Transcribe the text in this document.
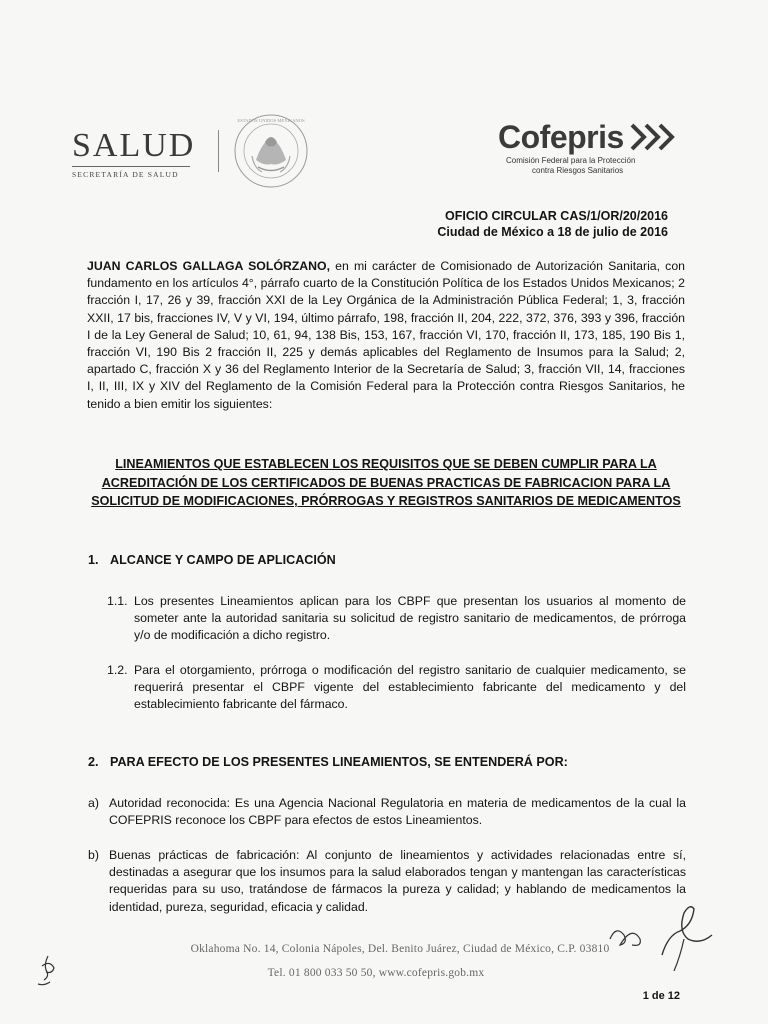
SALUD
SECRETARÍA DE SALUD
ESTADOS UNIDOS MEXICANOS	Cofepris
Comisión Federal para la Protección
contra Riesgos Sanitarios
OFICIO CIRCULAR CAS/1/OR/20/2016
Ciudad de México a 18 de julio de 2016
JUAN CARLOS GALLAGA SOLÓRZANO, en mi carácter de Comisionado de Autorización Sanitaria, con fundamento en los artículos 4°, párrafo cuarto de la Constitución Política de los Estados Unidos Mexicanos; 2 fracción I, 17, 26 y 39, fracción XXI de la Ley Orgánica de la Administración Pública Federal; 1, 3, fracción XXII, 17 bis, fracciones IV, V y VI, 194, último párrafo, 198, fracción II, 204, 222, 372, 376, 393 y 396, fracción I de la Ley General de Salud; 10, 61, 94, 138 Bis, 153, 167, fracción VI, 170, fracción II, 173, 185, 190 Bis 1, fracción VI, 190 Bis 2 fracción II, 225 y demás aplicables del Reglamento de Insumos para la Salud; 2, apartado C, fracción X y 36 del Reglamento Interior de la Secretaría de Salud; 3, fracción VII, 14, fracciones I, II, III, IX y XIV del Reglamento de la Comisión Federal para la Protección contra Riesgos Sanitarios, he tenido a bien emitir los siguientes:
LINEAMIENTOS QUE ESTABLECEN LOS REQUISITOS QUE SE DEBEN CUMPLIR PARA LA
ACREDITACIÓN DE LOS CERTIFICADOS DE BUENAS PRACTICAS DE FABRICACION PARA LA
SOLICITUD DE MODIFICACIONES, PRÓRROGAS Y REGISTROS SANITARIOS DE MEDICAMENTOS
1. ALCANCE Y CAMPO DE APLICACIÓN
1.1. Los presentes Lineamientos aplican para los CBPF que presentan los usuarios al momento de someter ante la autoridad sanitaria su solicitud de registro sanitario de medicamentos, de prórroga y/o de modificación a dicho registro.
1.2. Para el otorgamiento, prórroga o modificación del registro sanitario de cualquier medicamento, se requerirá presentar el CBPF vigente del establecimiento fabricante del medicamento y del establecimiento fabricante del fármaco.
2. PARA EFECTO DE LOS PRESENTES LINEAMIENTOS, SE ENTENDERÁ POR:
a) Autoridad reconocida: Es una Agencia Nacional Regulatoria en materia de medicamentos de la cual la COFEPRIS reconoce los CBPF para efectos de estos Lineamientos.
b) Buenas prácticas de fabricación: Al conjunto de lineamientos y actividades relacionadas entre sí, destinadas a asegurar que los insumos para la salud elaborados tengan y mantengan las características requeridas para su uso, tratándose de fármacos la pureza y calidad; y hablando de medicamentos la identidad, pureza, seguridad, eficacia y calidad.
Oklahoma No. 14, Colonia Nápoles, Del. Benito Juárez, Ciudad de México, C.P. 03810
Tel. 01 800 033 50 50, www.cofepris.gob.mx
1 de 12
